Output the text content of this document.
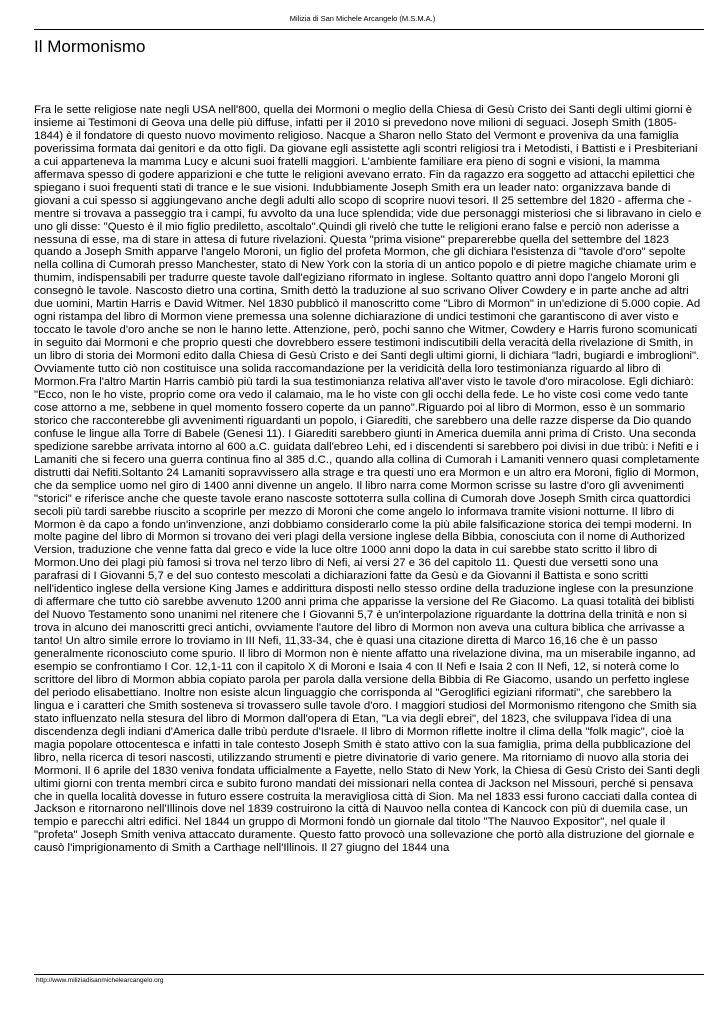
Milizia di San Michele Arcangelo (M.S.M.A.)
Il Mormonismo

Fra le sette religiose nate negli USA nell'800, quella dei Mormoni o meglio della Chiesa di Gesù Cristo dei Santi degli ultimi giorni è insieme ai Testimoni di Geova una delle più diffuse, infatti per il 2010 si prevedono nove milioni di seguaci. Joseph Smith (1805-1844) è il fondatore di questo nuovo movimento religioso. Nacque a Sharon nello Stato del Vermont e proveniva da una famiglia poverissima formata dai genitori e da otto figli. Da giovane egli assistette agli scontri religiosi tra i Metodisti, i Battisti e i Presbiteriani a cui apparteneva la mamma Lucy e alcuni suoi fratelli maggiori. L'ambiente familiare era pieno di sogni e visioni, la mamma affermava spesso di godere apparizioni e che tutte le religioni avevano errato. Fin da ragazzo era soggetto ad attacchi epilettici che spiegano i suoi frequenti stati di trance e le sue visioni. Indubbiamente Joseph Smith era un leader nato: organizzava bande di giovani a cui spesso si aggiungevano anche degli adulti allo scopo di scoprire nuovi tesori. Il 25 settembre del 1820 - afferma che - mentre si trovava a passeggio tra i campi, fu avvolto da una luce splendida; vide due personaggi misteriosi che si libravano in cielo e uno gli disse: "Questo è il mio figlio prediletto, ascoltalo".Quindi gli rivelò che tutte le religioni erano false e perciò non aderisse a nessuna di esse, ma di stare in attesa di future rivelazioni. Questa "prima visione" preparerebbe quella del settembre del 1823 quando a Joseph Smith apparve l'angelo Moroni, un figlio del profeta Mormon, che gli dichiara l'esistenza di "tavole d'oro" sepolte nella collina di Cumorah presso Manchester, stato di New York con la storia di un antico popolo e di pietre magiche chiamate urim e thumim, indispensabili per tradurre queste tavole dall'egiziano riformato in inglese. Soltanto quattro anni dopo l'angelo Moroni gli consegnò le tavole. Nascosto dietro una cortina, Smith dettò la traduzione al suo scrivano Oliver Cowdery e in parte anche ad altri due uomini, Martin Harris e David Witmer. Nel 1830 pubblicò il manoscritto come "Libro di Mormon" in un'edizione di 5.000 copie. Ad ogni ristampa del libro di Mormon viene premessa una solenne dichiarazione di undici testimoni che garantiscono di aver visto e toccato le tavole d'oro anche se non le hanno lette. Attenzione, però, pochi sanno che Witmer, Cowdery e Harris furono scomunicati in seguito dai Mormoni e che proprio questi che dovrebbero essere testimoni indiscutibili della veracità della rivelazione di Smith, in un libro di storia dei Mormoni edito dalla Chiesa di Gesù Cristo e dei Santi degli ultimi giorni, li dichiara "ladri, bugiardi e imbroglioni". Ovviamente tutto ciò non costituisce una solida raccomandazione per la veridicità della loro testimonianza riguardo al libro di Mormon.Fra l'altro Martin Harris cambiò più tardi la sua testimonianza relativa all'aver visto le tavole d'oro miracolose. Egli dichiarò: "Ecco, non le ho viste, proprio come ora vedo il calamaio, ma le ho viste con gli occhi della fede. Le ho viste così come vedo tante cose attorno a me, sebbene in quel momento fossero coperte da un panno".Riguardo poi al libro di Mormon, esso è un sommario storico che racconterebbe gli avvenimenti riguardanti un popolo, i Giarediti, che sarebbero una delle razze disperse da Dio quando confuse le lingue alla Torre di Babele (Genesi 11). I Giarediti sarebbero giunti in America duemila anni prima di Cristo. Una seconda spedizione sarebbe arrivata intorno al 600 a.C. guidata dall'ebreo Lehi, ed i discendenti si sarebbero poi divisi in due tribù: i Nefiti e i Lamaniti che si fecero una guerra continua fino al 385 d.C., quando alla collina di Cumorah i Lamaniti vennero quasi completamente distrutti dai Nefiti.Soltanto 24 Lamaniti sopravvissero alla strage e tra questi uno era Mormon e un altro era Moroni, figlio di Mormon, che da semplice uomo nel giro di 1400 anni divenne un angelo. Il libro narra come Mormon scrisse su lastre d'oro gli avvenimenti "storici" e riferisce anche che queste tavole erano nascoste sottoterra sulla collina di Cumorah dove Joseph Smith circa quattordici secoli più tardi sarebbe riuscito a scoprirle per mezzo di Moroni che come angelo lo informava tramite visioni notturne. Il libro di Mormon è da capo a fondo un'invenzione, anzi dobbiamo considerarlo come la più abile falsificazione storica dei tempi moderni. In molte pagine del libro di Mormon si trovano dei veri plagi della versione inglese della Bibbia, conosciuta con il nome di Authorized Version, traduzione che venne fatta dal greco e vide la luce oltre 1000 anni dopo la data in cui sarebbe stato scritto il libro di Mormon.Uno dei plagi più famosi si trova nel terzo libro di Nefi, ai versi 27 e 36 del capitolo 11. Questi due versetti sono una parafrasi di I Giovanni 5,7 e del suo contesto mescolati a dichiarazioni fatte da Gesù e da Giovanni il Battista e sono scritti nell'identico inglese della versione King James e addirittura disposti nello stesso ordine della traduzione inglese con la presunzione di affermare che tutto ciò sarebbe avvenuto 1200 anni prima che apparisse la versione del Re Giacomo. La quasi totalità dei biblisti del Nuovo Testamento sono unanimi nel ritenere che I Giovanni 5,7 è un'interpolazione riguardante la dottrina della trinità e non si trova in alcuno dei manoscritti greci antichi, ovviamente l'autore del libro di Mormon non aveva una cultura biblica che arrivasse a tanto! Un altro simile errore lo troviamo in III Nefi, 11,33-34, che è quasi una citazione diretta di Marco 16,16 che è un passo generalmente riconosciuto come spurio. Il libro di Mormon non è niente affatto una rivelazione divina, ma un miserabile inganno, ad esempio se confrontiamo I Cor. 12,1-11 con il capitolo X di Moroni e Isaia 4 con II Nefi e Isaia 2 con II Nefi, 12, si noterà come lo scrittore del libro di Mormon abbia copiato parola per parola dalla versione della Bibbia di Re Giacomo, usando un perfetto inglese del periodo elisabettiano. Inoltre non esiste alcun linguaggio che corrisponda al "Geroglifici egiziani riformati", che sarebbero la lingua e i caratteri che Smith sosteneva si trovassero sulle tavole d'oro. I maggiori studiosi del Mormonismo ritengono che Smith sia stato influenzato nella stesura del libro di Mormon dall'opera di Etan, "La via degli ebrei", del 1823, che sviluppava l'idea di una discendenza degli indiani d'America dalle tribù perdute d'Israele. Il libro di Mormon riflette inoltre il clima della "folk magic", cioè la magia popolare ottocentesca e infatti in tale contesto Joseph Smith è stato attivo con la sua famiglia, prima della pubblicazione del libro, nella ricerca di tesori nascosti, utilizzando strumenti e pietre divinatorie di vario genere. Ma ritorniamo di nuovo alla storia dei Mormoni. Il 6 aprile del 1830 veniva fondata ufficialmente a Fayette, nello Stato di New York, la Chiesa di Gesù Cristo dei Santi degli ultimi giorni con trenta membri circa e subito furono mandati dei missionari nella contea di Jackson nel Missouri, perché si pensava che in quella località dovesse in futuro essere costruita la meravigliosa città di Sion. Ma nel 1833 essi furono cacciati dalla contea di Jackson e ritornarono nell'Illinois dove nel 1839 costruirono la città di Nauvoo nella contea di Kancock con più di duemila case, un tempio e parecchi altri edifici. Nel 1844 un gruppo di Mormoni fondò un giornale dal titolo "The Nauvoo Expositor", nel quale il "profeta" Joseph Smith veniva attaccato duramente. Questo fatto provocò una sollevazione che portò alla distruzione del giornale e causò l'imprigionamento di Smith a Carthage nell'Illinois. Il 27 giugno del 1844 una

http://www.miliziadisanmichelearcangelo.org
